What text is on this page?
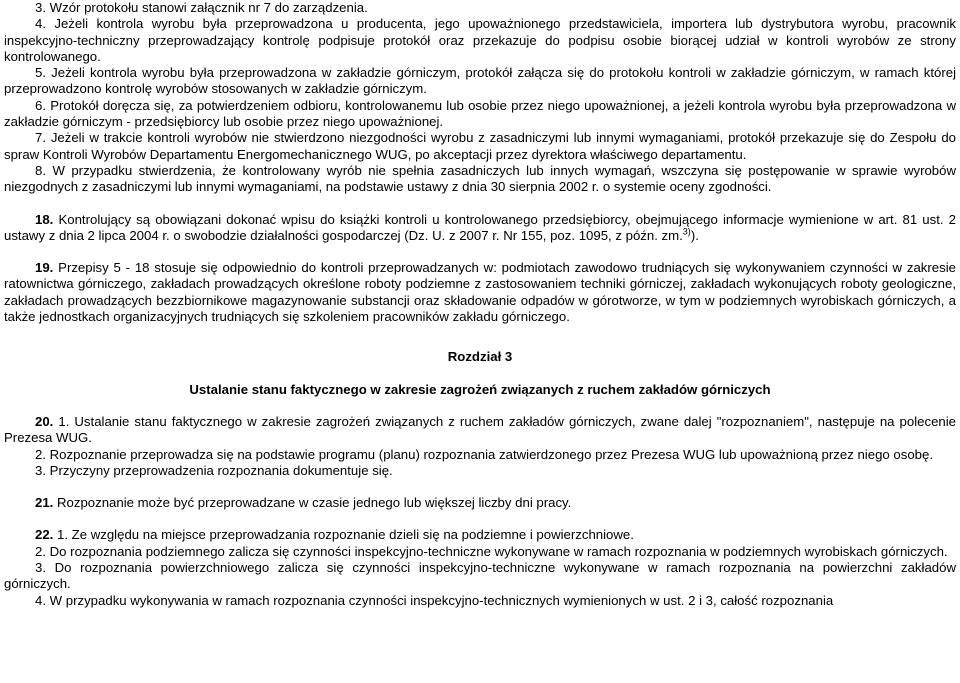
3. Wzór protokołu stanowi załącznik nr 7 do zarządzenia.

4. Jeżeli kontrola wyrobu była przeprowadzona u producenta, jego upoważnionego przedstawiciela, importera lub dystrybutora wyrobu, pracownik inspekcyjno-techniczny przeprowadzający kontrolę podpisuje protokół oraz przekazuje do podpisu osobie biorącej udział w kontroli wyrobów ze strony kontrolowanego.

5. Jeżeli kontrola wyrobu była przeprowadzona w zakładzie górniczym, protokół załącza się do protokołu kontroli w zakładzie górniczym, w ramach której przeprowadzono kontrolę wyrobów stosowanych w zakładzie górniczym.

6. Protokół doręcza się, za potwierdzeniem odbioru, kontrolowanemu lub osobie przez niego upoważnionej, a jeżeli kontrola wyrobu była przeprowadzona w zakładzie górniczym - przedsiębiorcy lub osobie przez niego upoważnionej.

7. Jeżeli w trakcie kontroli wyrobów nie stwierdzono niezgodności wyrobu z zasadniczymi lub innymi wymaganiami, protokół przekazuje się do Zespołu do spraw Kontroli Wyrobów Departamentu Energomechanicznego WUG, po akceptacji przez dyrektora właściwego departamentu.

8. W przypadku stwierdzenia, że kontrolowany wyrób nie spełnia zasadniczych lub innych wymagań, wszczyna się postępowanie w sprawie wyrobów niezgodnych z zasadniczymi lub innymi wymaganiami, na podstawie ustawy z dnia 30 sierpnia 2002 r. o systemie oceny zgodności.

18. Kontrolujący są obowiązani dokonać wpisu do książki kontroli u kontrolowanego przedsiębiorcy, obejmującego informacje wymienione w art. 81 ust. 2 ustawy z dnia 2 lipca 2004 r. o swobodzie działalności gospodarczej (Dz. U. z 2007 r. Nr 155, poz. 1095, z późn. zm.$^{3)}$).

19. Przepisy 5 - 18 stosuje się odpowiednio do kontroli przeprowadzanych w: podmiotach zawodowo trudniących się wykonywaniem czynności w zakresie ratownictwa górniczego, zakładach prowadzących określone roboty podziemne z zastosowaniem techniki górniczej, zakładach wykonujących roboty geologiczne, zakładach prowadzących bezzbiornikowe magazynowanie substancji oraz składowanie odpadów w górotworze, w tym w podziemnych wyrobiskach górniczych, a także jednostkach organizacyjnych trudniących się szkoleniem pracowników zakładu górniczego.

Rozdział 3

Ustalanie stanu faktycznego w zakresie zagrożeń związanych z ruchem zakładów górniczych

20. 1. Ustalanie stanu faktycznego w zakresie zagrożeń związanych z ruchem zakładów górniczych, zwane dalej "rozpoznaniem", następuje na polecenie Prezesa WUG.

2. Rozpoznanie przeprowadza się na podstawie programu (planu) rozpoznania zatwierdzonego przez Prezesa WUG lub upoważnioną przez niego osobę.

3. Przyczyny przeprowadzenia rozpoznania dokumentuje się.

21. Rozpoznanie może być przeprowadzane w czasie jednego lub większej liczby dni pracy.

22. 1. Ze względu na miejsce przeprowadzania rozpoznanie dzieli się na podziemne i powierzchniowe.

2. Do rozpoznania podziemnego zalicza się czynności inspekcyjno-techniczne wykonywane w ramach rozpoznania w podziemnych wyrobiskach górniczych.

3. Do rozpoznania powierzchniowego zalicza się czynności inspekcyjno-techniczne wykonywane w ramach rozpoznania na powierzchni zakładów górniczych.

4. W przypadku wykonywania w ramach rozpoznania czynności inspekcyjno-technicznych wymienionych w ust. 2 i 3, całość rozpoznania
